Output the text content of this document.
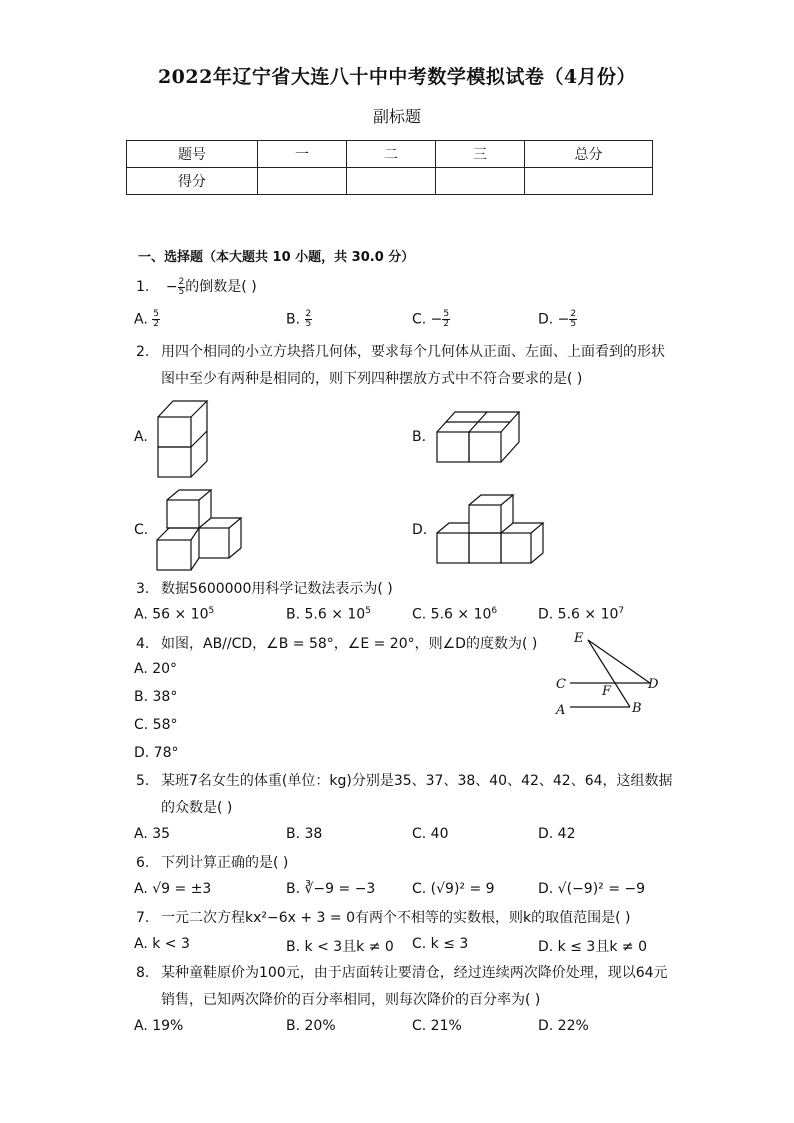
2022年辽宁省大连八十中中考数学模拟试卷（4月份）
副标题
题号	一	二	三	总分
得分				
一、选择题（本大题共 10 小题，共 30.0 分）
1. − $\frac{2}{5}$ 的倒数是( )
A. $\frac{5}{2}$	B. $\frac{2}{5}$	C. − $\frac{5}{2}$	D. − $\frac{2}{5}$
2. 用四个相同的小立方块搭几何体，要求每个几何体从正面、左面、上面看到的形状
图中至少有两种是相同的，则下列四种摆放方式中不符合要求的是( )
A.	B.
C.	D.
3. 数据5600000用科学记数法表示为( )
A. $56 \times 10^5$	B. $5.6 \times 10^5$	C. $5.6 \times 10^6$	D. $5.6 \times 10^7$
4. 如图，AB//CD，∠B = 58°，∠E = 20°，则∠D的度数为( )
A. 20°
B. 38°
C. 58°
D. 78°
E
C	F	D
A	B
5. 某班7名女生的体重(单位：kg)分别是35、37、38、40、42、42、64，这组数据
的众数是( )
A. 35	B. 38	C. 40	D. 42
6. 下列计算正确的是( )
A. √9 = ±3	B. ∛−9 = −3	C. (√9)² = 9	D. √(−9)² = −9
7. 一元二次方程kx²−6x + 3 = 0有两个不相等的实数根，则k的取值范围是( )
A. k < 3	B. k < 3且k ≠ 0 C. k ≤ 3	D. k ≤ 3且k ≠ 0
8. 某种童鞋原价为100元，由于店面转让要清仓，经过连续两次降价处理，现以64元
销售，已知两次降价的百分率相同，则每次降价的百分率为( )
A. 19%	B. 20%	C. 21%	D. 22%
